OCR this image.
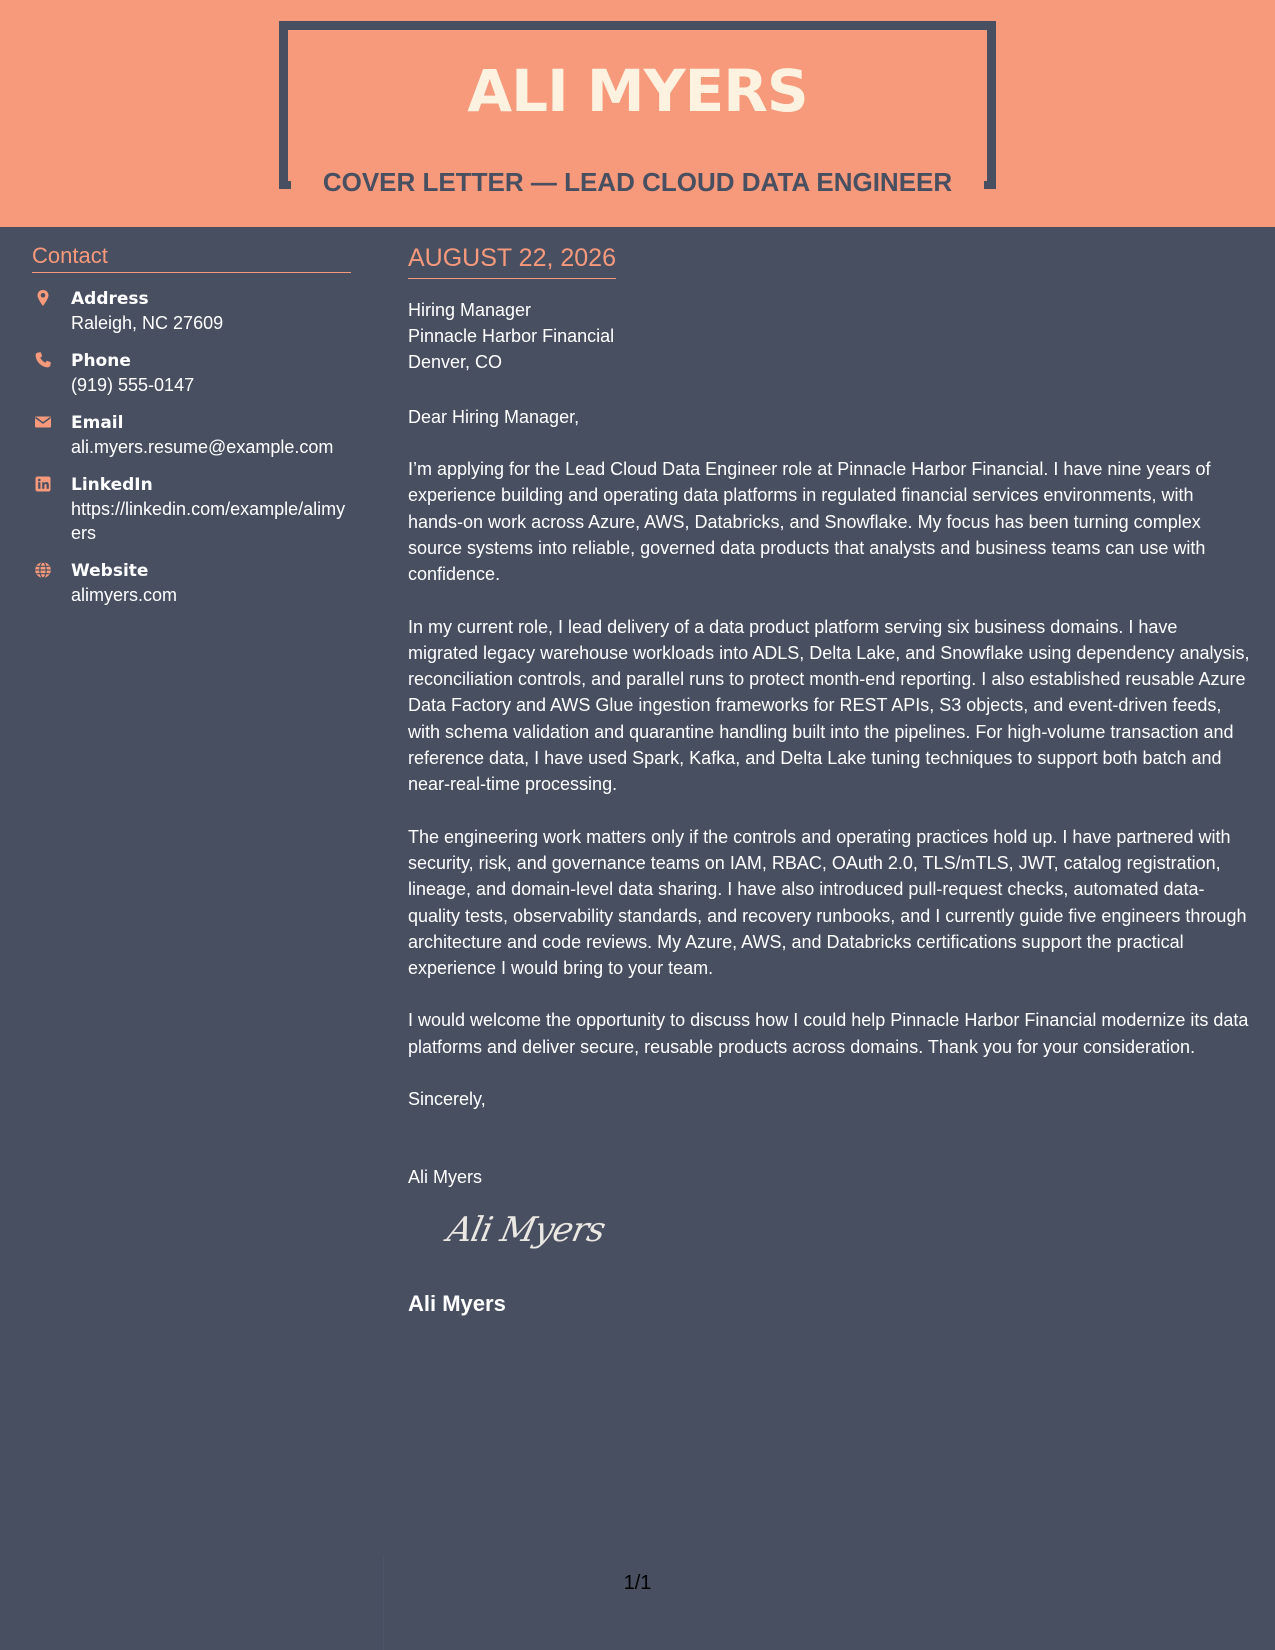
ALI MYERS
COVER LETTER — LEAD CLOUD DATA ENGINEER
Contact
Address
Raleigh, NC 27609
Phone
(919) 555-0147
Email
ali.myers.resume@example.com
LinkedIn
https://linkedin.com/example/alimyers
Website
alimyers.com
AUGUST 22, 2026
Hiring Manager
Pinnacle Harbor Financial
Denver, CO
Dear Hiring Manager,
I’m applying for the Lead Cloud Data Engineer role at Pinnacle Harbor Financial. I have nine years of experience building and operating data platforms in regulated financial services environments, with hands-on work across Azure, AWS, Databricks, and Snowflake. My focus has been turning complex source systems into reliable, governed data products that analysts and business teams can use with confidence.
In my current role, I lead delivery of a data product platform serving six business domains. I have migrated legacy warehouse workloads into ADLS, Delta Lake, and Snowflake using dependency analysis, reconciliation controls, and parallel runs to protect month-end reporting. I also established reusable Azure Data Factory and AWS Glue ingestion frameworks for REST APIs, S3 objects, and event-driven feeds, with schema validation and quarantine handling built into the pipelines. For high-volume transaction and reference data, I have used Spark, Kafka, and Delta Lake tuning techniques to support both batch and near-real-time processing.
The engineering work matters only if the controls and operating practices hold up. I have partnered with security, risk, and governance teams on IAM, RBAC, OAuth 2.0, TLS/mTLS, JWT, catalog registration, lineage, and domain-level data sharing. I have also introduced pull-request checks, automated data-quality tests, observability standards, and recovery runbooks, and I currently guide five engineers through architecture and code reviews. My Azure, AWS, and Databricks certifications support the practical experience I would bring to your team.
I would welcome the opportunity to discuss how I could help Pinnacle Harbor Financial modernize its data platforms and deliver secure, reusable products across domains. Thank you for your consideration.
Sincerely,
Ali Myers
Ali Myers
Ali Myers
1/1
